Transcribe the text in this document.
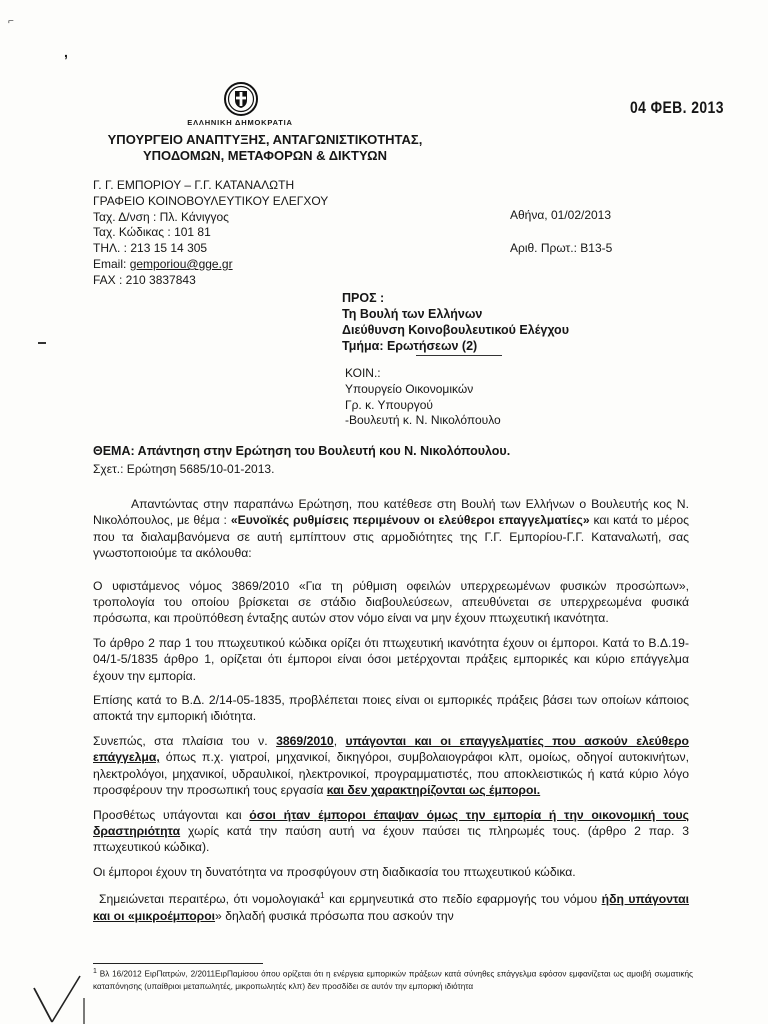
⌐
,
ΕΛΛΗΝΙΚΗ ΔΗΜΟΚΡΑΤΙΑ
04 ΦΕΒ. 2013
ΥΠΟΥΡΓΕΙΟ ΑΝΑΠΤΥΞΗΣ, ΑΝΤΑΓΩΝΙΣΤΙΚΟΤΗΤΑΣ,
ΥΠΟΔΟΜΩΝ, ΜΕΤΑΦΟΡΩΝ & ΔΙΚΤΥΩΝ
Γ. Γ. ΕΜΠΟΡΙΟΥ – Γ.Γ. ΚΑΤΑΝΑΛΩΤΗ
ΓΡΑΦΕΙΟ ΚΟΙΝΟΒΟΥΛΕΥΤΙΚΟΥ ΕΛΕΓΧΟΥ
Ταχ. Δ/νση : Πλ. Κάνιγγος
Ταχ. Κώδικας : 101 81
ΤΗΛ. : 213 15 14 305
Email: gemporiou@gge.gr
FAX : 210 3837843
Αθήνα, 01/02/2013
Αριθ. Πρωτ.: Β13-5
ΠΡΟΣ :
Τη Βουλή των Ελλήνων
Διεύθυνση Κοινοβουλευτικού Ελέγχου
Τμήμα: Ερωτήσεων (2)
ΚΟΙΝ.:
Υπουργείο Οικονομικών
Γρ. κ. Υπουργού
-Βουλευτή κ. Ν. Νικολόπουλο
ΘΕΜΑ: Απάντηση στην Ερώτηση του Βουλευτή κου Ν. Νικολόπουλου.
Σχετ.: Ερώτηση 5685/10-01-2013.

Απαντώντας στην παραπάνω Ερώτηση, που κατέθεσε στη Βουλή των Ελλήνων ο Βουλευτής κος Ν. Νικολόπουλος, με θέμα : «Ευνοϊκές ρυθμίσεις περιμένουν οι ελεύθεροι επαγγελματίες» και κατά το μέρος που τα διαλαμβανόμενα σε αυτή εμπίπτουν στις αρμοδιότητες της Γ.Γ. Εμπορίου-Γ.Γ. Καταναλωτή, σας γνωστοποιούμε τα ακόλουθα:

Ο υφιστάμενος νόμος 3869/2010 «Για τη ρύθμιση οφειλών υπερχρεωμένων φυσικών προσώπων», τροπολογία του οποίου βρίσκεται σε στάδιο διαβουλεύσεων, απευθύνεται σε υπερχρεωμένα φυσικά πρόσωπα, και προϋπόθεση ένταξης αυτών στον νόμο είναι να μην έχουν πτωχευτική ικανότητα.

Το άρθρο 2 παρ 1 του πτωχευτικού κώδικα ορίζει ότι πτωχευτική ικανότητα έχουν οι έμποροι. Κατά τo Β.Δ.19-04/1-5/1835 άρθρο 1, ορίζεται ότι έμποροι είναι όσοι μετέρχονται πράξεις εμπορικές και κύριο επάγγελμα έχουν την εμπορία.

Επίσης κατά το Β.Δ. 2/14-05-1835, προβλέπεται ποιες είναι οι εμπορικές πράξεις βάσει των οποίων κάποιος αποκτά την εμπορική ιδιότητα.

Συνεπώς, στα πλαίσια του ν. 3869/2010, υπάγονται και οι επαγγελματίες που ασκούν ελεύθερο επάγγελμα, όπως π.χ. γιατροί, μηχανικοί, δικηγόροι, συμβολαιογράφοι κλπ, ομοίως, οδηγοί αυτοκινήτων, ηλεκτρολόγοι, μηχανικοί, υδραυλικοί, ηλεκτρονικοί, προγραμματιστές, που αποκλειστικώς ή κατά κύριο λόγο προσφέρουν την προσωπική τους εργασία και δεν χαρακτηρίζονται ως έμποροι.

Προσθέτως υπάγονται και όσοι ήταν έμποροι έπαψαν όμως την εμπορία ή την οικονομική τους δραστηριότητα χωρίς κατά την παύση αυτή να έχουν παύσει τις πληρωμές τους. (άρθρο 2 παρ. 3 πτωχευτικού κώδικα).

Οι έμποροι έχουν τη δυνατότητα να προσφύγουν στη διαδικασία του πτωχευτικού κώδικα.

Σημειώνεται περαιτέρω, ότι νομολογιακά$^1$ και ερμηνευτικά στο πεδίο εφαρμογής του νόμου ήδη υπάγονται και οι «μικροέμποροι» δηλαδή φυσικά πρόσωπα που ασκούν την

$^1$ Βλ 16/2012 ΕιρΠατρών, 2/2011ΕιρΠαμίσου όπου ορίζεται ότι η ενέργεια εμπορικών πράξεων κατά σύνηθες επάγγελμα εφόσον εμφανίζεται ως αμοιβή σωματικής καταπόνησης (υπαίθριοι μεταπωλητές, μικροπωλητές κλπ) δεν προσδίδει σε αυτόν την εμπορική ιδιότητα
